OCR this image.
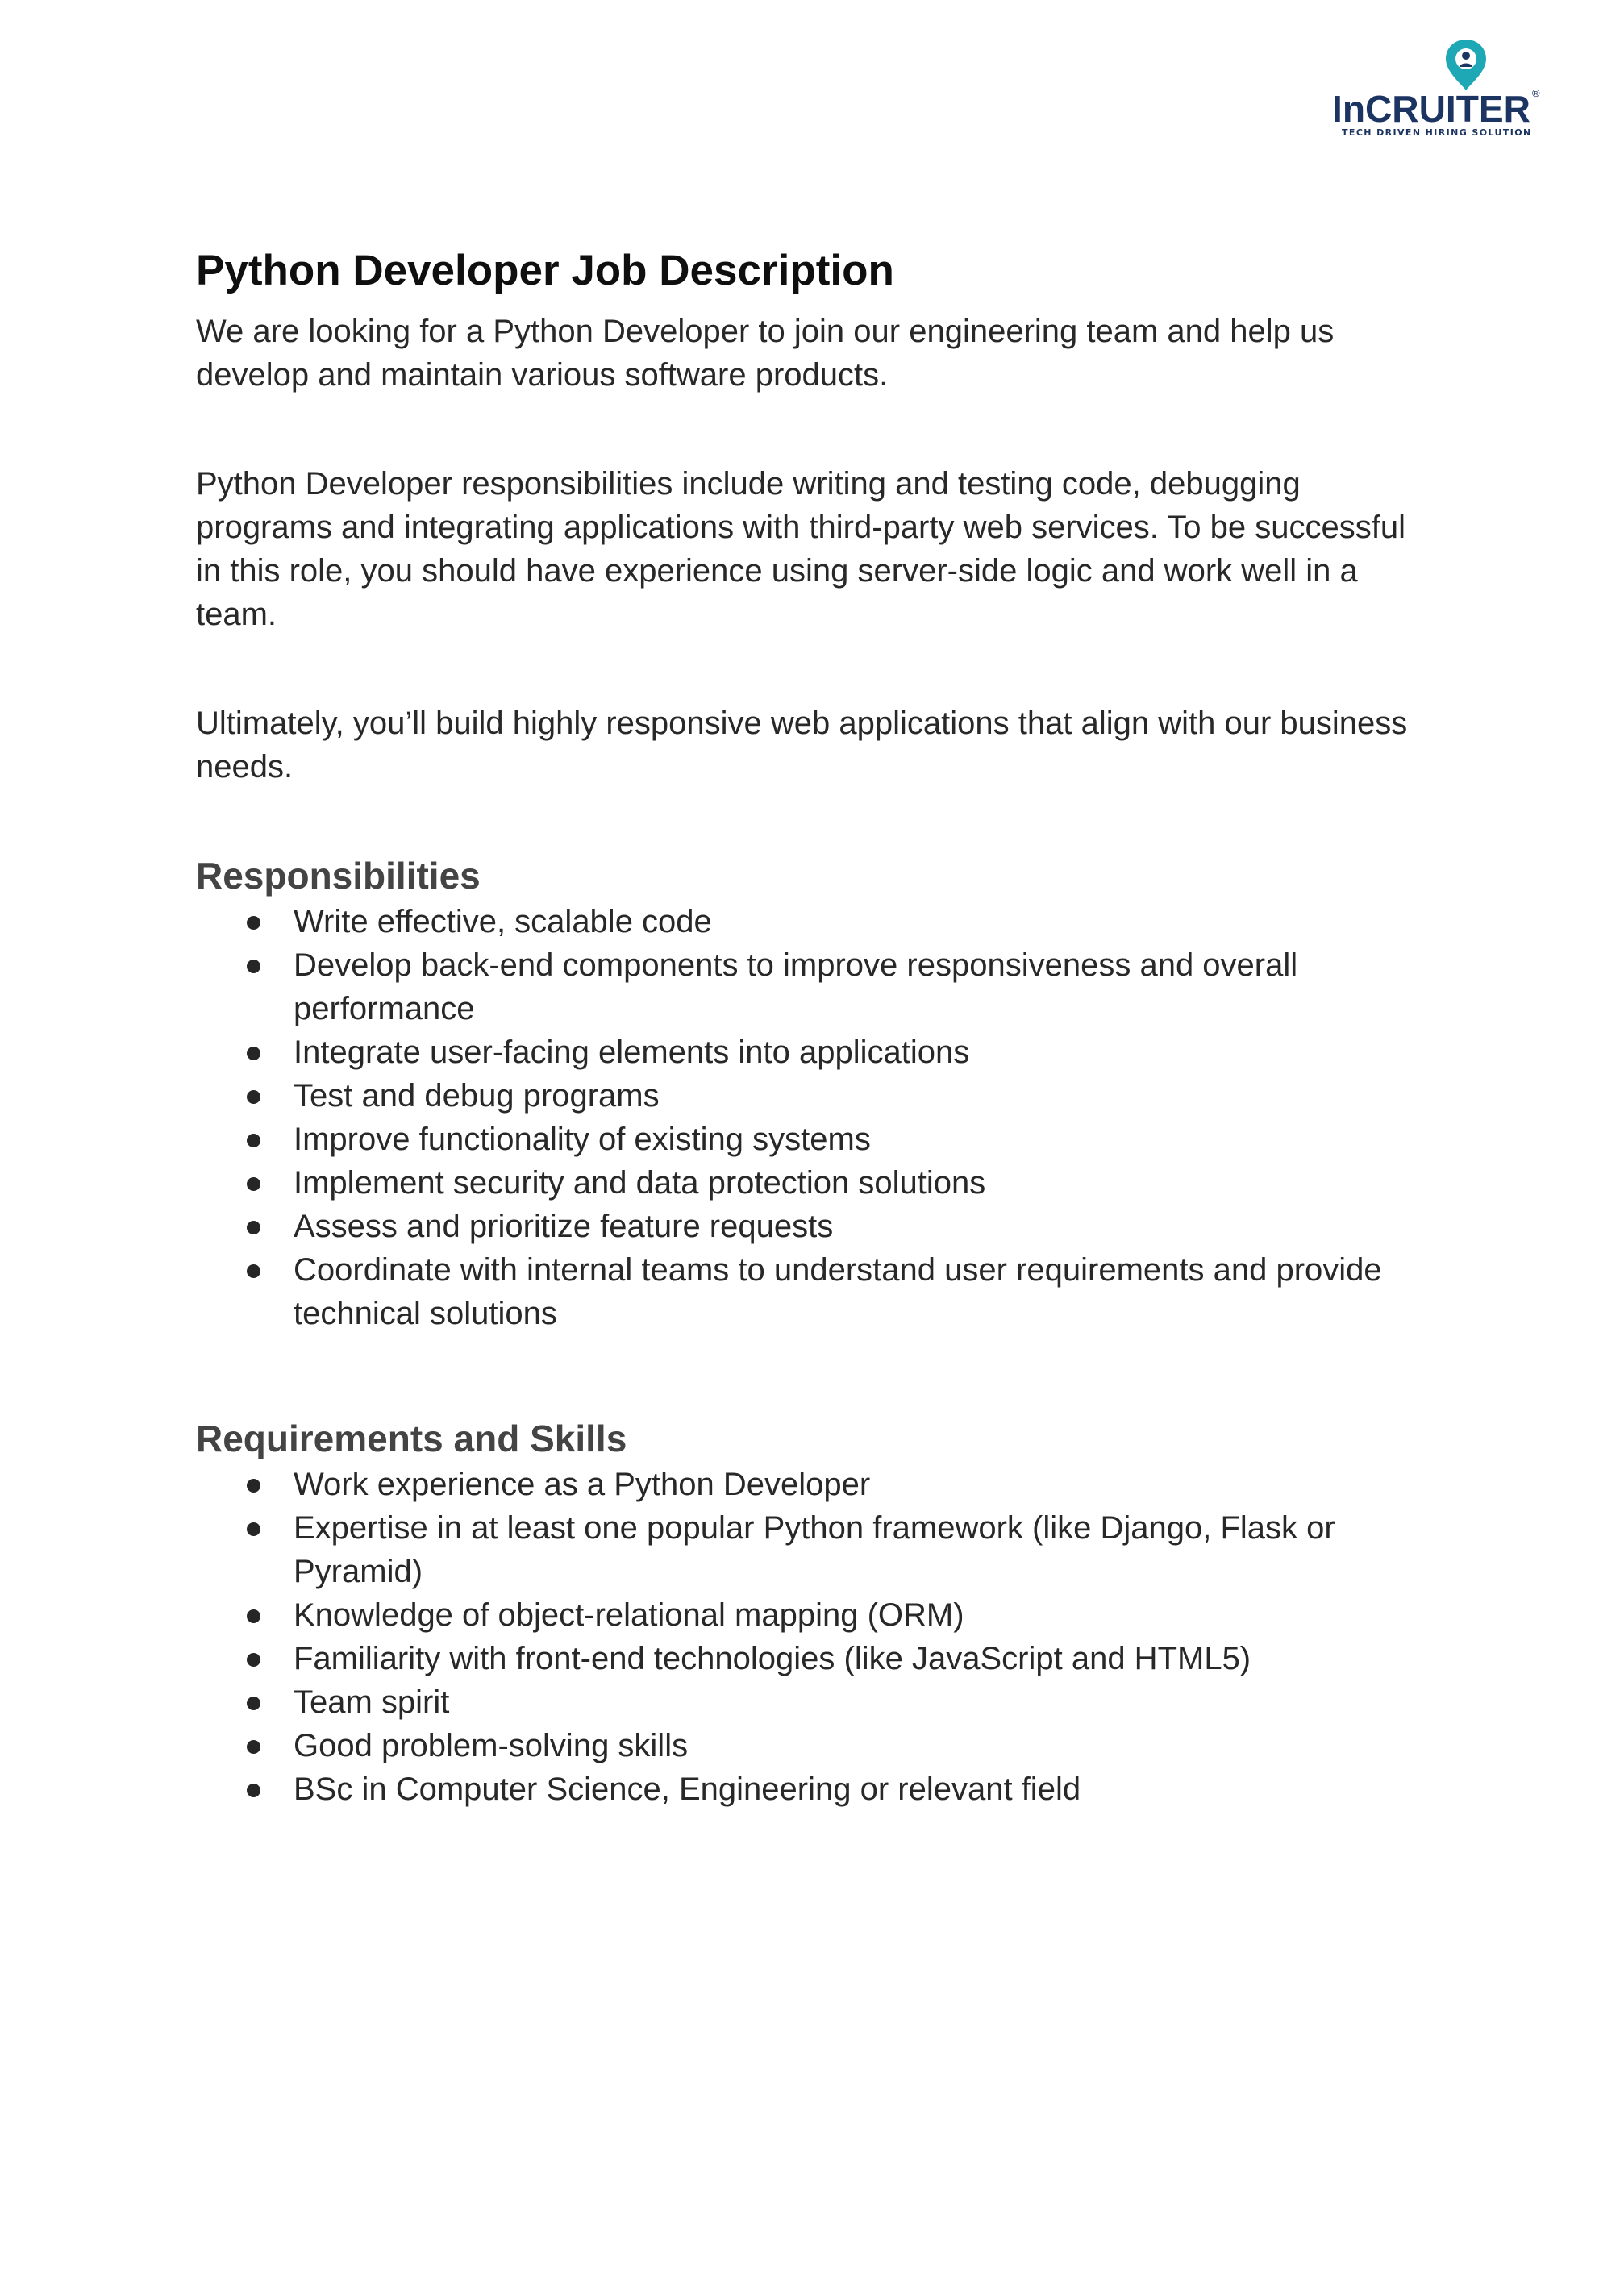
InCRUITER ®
TECH DRIVEN HIRING SOLUTION
Python Developer Job Description

We are looking for a Python Developer to join our engineering team and help us develop and maintain various software products.

Python Developer responsibilities include writing and testing code, debugging programs and integrating applications with third-party web services. To be successful in this role, you should have experience using server-side logic and work well in a team.

Ultimately, you’ll build highly responsive web applications that align with our business needs.

Responsibilities
Write effective, scalable code
Develop back-end components to improve responsiveness and overall performance
Integrate user-facing elements into applications
Test and debug programs
Improve functionality of existing systems
Implement security and data protection solutions
Assess and prioritize feature requests
Coordinate with internal teams to understand user requirements and provide technical solutions
Requirements and Skills
Work experience as a Python Developer
Expertise in at least one popular Python framework (like Django, Flask or Pyramid)
Knowledge of object-relational mapping (ORM)
Familiarity with front-end technologies (like JavaScript and HTML5)
Team spirit
Good problem-solving skills
BSc in Computer Science, Engineering or relevant field
